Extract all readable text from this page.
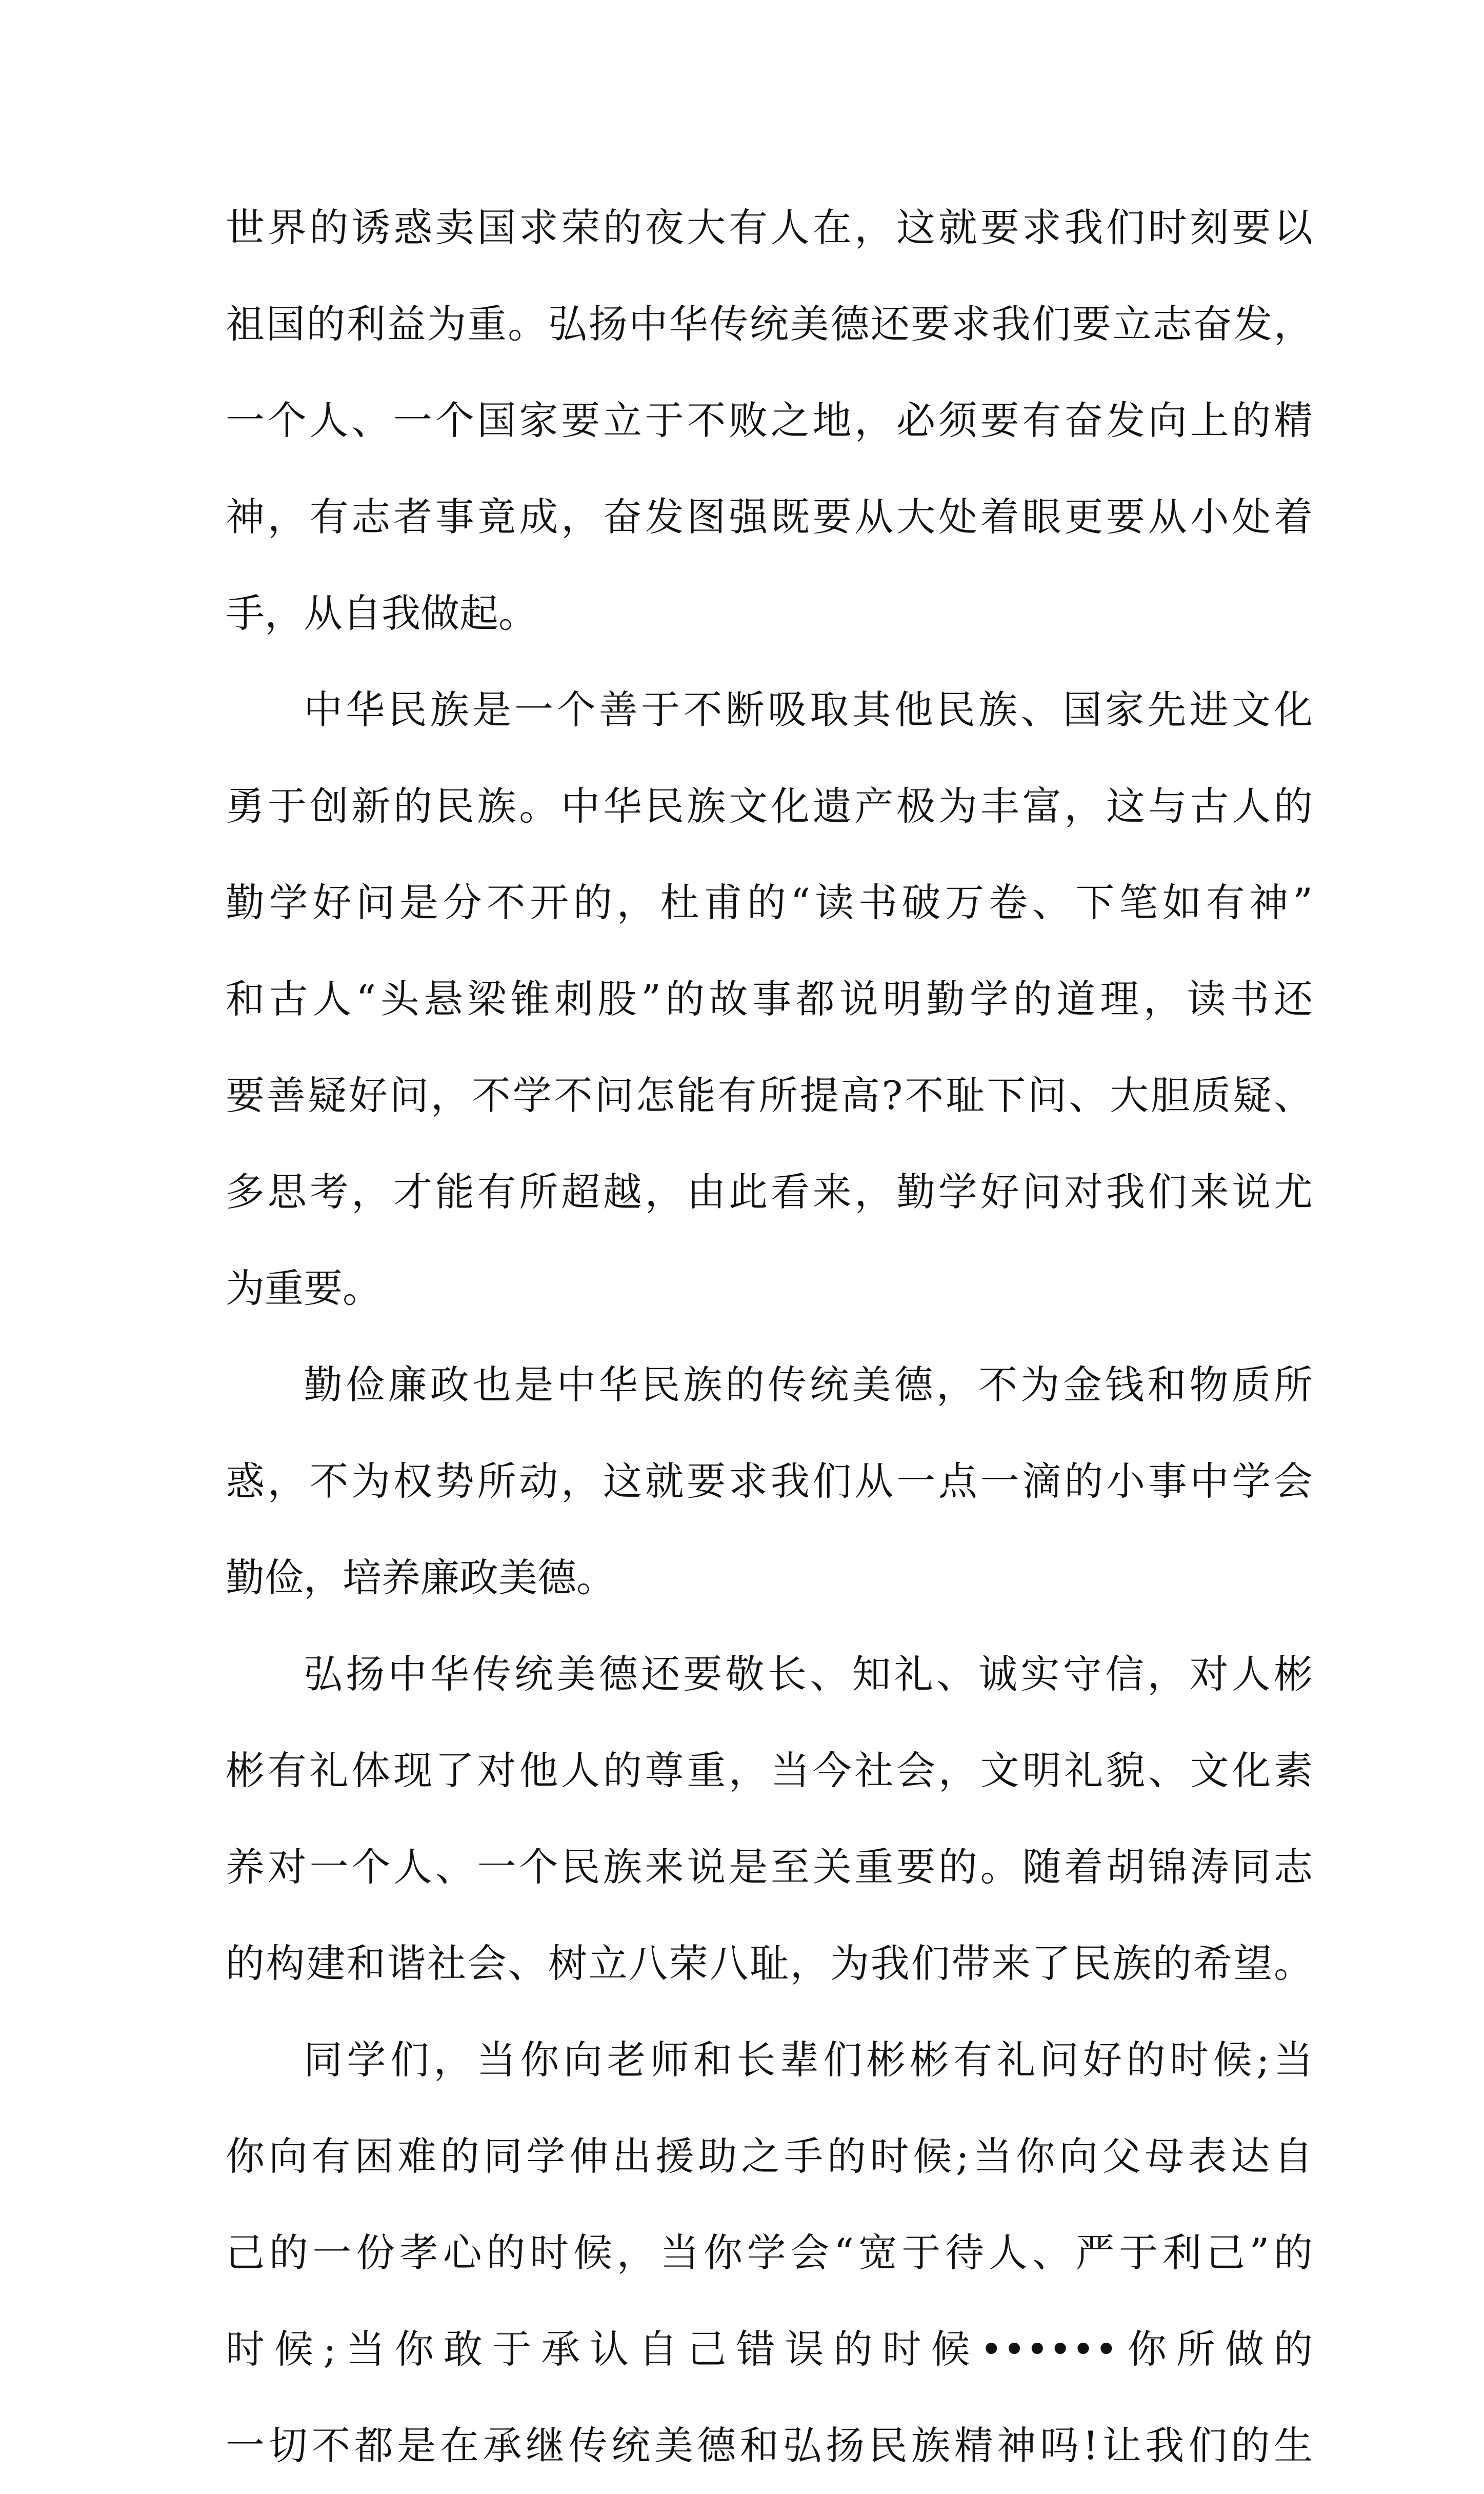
世界的诱惑卖国求荣的夜大有人在，这就要求我们时刻要以

祖国的利益为重。弘扬中华传统美德还要求我们要立志奋发，

一个人、一个国家要立于不败之地，必须要有奋发向上的精

神，有志者事竟成，奋发图强既要从大处着眼更要从小处着

手，从自我做起。

中华民族是一个善于不断吸取其他民族、国家先进文化

勇于创新的民族。中华民族文化遗产极为丰富，这与古人的

勤学好问是分不开的，杜甫的“读书破万卷、下笔如有神”

和古人“头悬梁锥刺股”的故事都说明勤学的道理，读书还

要善疑好问，不学不问怎能有所提高?不耻下问、大胆质疑、

多思考，才能有所超越，由此看来，勤学好问对我们来说尤

为重要。

勤俭廉政也是中华民族的传统美德，不为金钱和物质所

惑，不为权势所动，这就要求我们从一点一滴的小事中学会

勤俭，培养廉政美德。

弘扬中华传统美德还要敬长、知礼、诚实守信，对人彬

彬有礼体现了对他人的尊重，当今社会，文明礼貌、文化素

养对一个人、一个民族来说是至关重要的。随着胡锦涛同志

的构建和谐社会、树立八荣八耻，为我们带来了民族的希望。

同学们，当你向老师和长辈们彬彬有礼问好的时候;当

你向有困难的同学伸出援助之手的时候;当你向父母表达自

己的一份孝心的时候，当你学会“宽于待人、严于利己”的

时候;当你敢于承认自己错误的时候••••••你所做的

一切不都是在承继传统美德和弘扬民族精神吗!让我们的生
